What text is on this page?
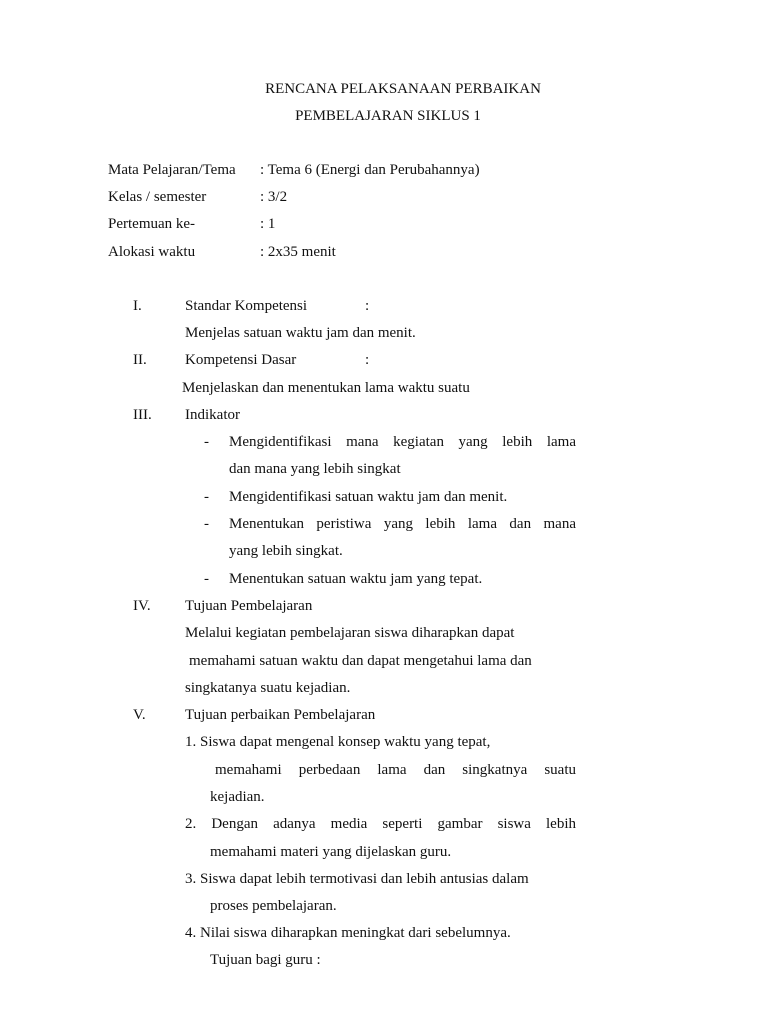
RENCANA PELAKSANAAN PERBAIKAN
PEMBELAJARAN SIKLUS 1
Mata Pelajaran/Tema : Tema 6 (Energi dan Perubahannya)
Kelas / semester	: 3/2
Pertemuan ke-	: 1
Alokasi waktu	: 2x35 menit
I.	Standar Kompetensi	:
Menjelas satuan waktu jam dan menit.
II.	Kompetensi Dasar	:
Menjelaskan dan menentukan lama waktu suatu
III. Indikator
- Mengidentifikasi mana kegiatan yang lebih lama
dan mana yang lebih singkat
- Mengidentifikasi satuan waktu jam dan menit.
- Menentukan peristiwa yang lebih lama dan mana
yang lebih singkat.
- Menentukan satuan waktu jam yang tepat.
IV. Tujuan Pembelajaran
Melalui kegiatan pembelajaran siswa diharapkan dapat
memahami satuan waktu dan dapat mengetahui lama dan
singkatanya suatu kejadian.
V.	Tujuan perbaikan Pembelajaran
1. Siswa dapat mengenal konsep waktu yang tepat,
memahami perbedaan lama dan singkatnya suatu
kejadian.
2. Dengan adanya media seperti gambar siswa lebih
memahami materi yang dijelaskan guru.
3. Siswa dapat lebih termotivasi dan lebih antusias dalam
proses pembelajaran.
4. Nilai siswa diharapkan meningkat dari sebelumnya.
Tujuan bagi guru :
